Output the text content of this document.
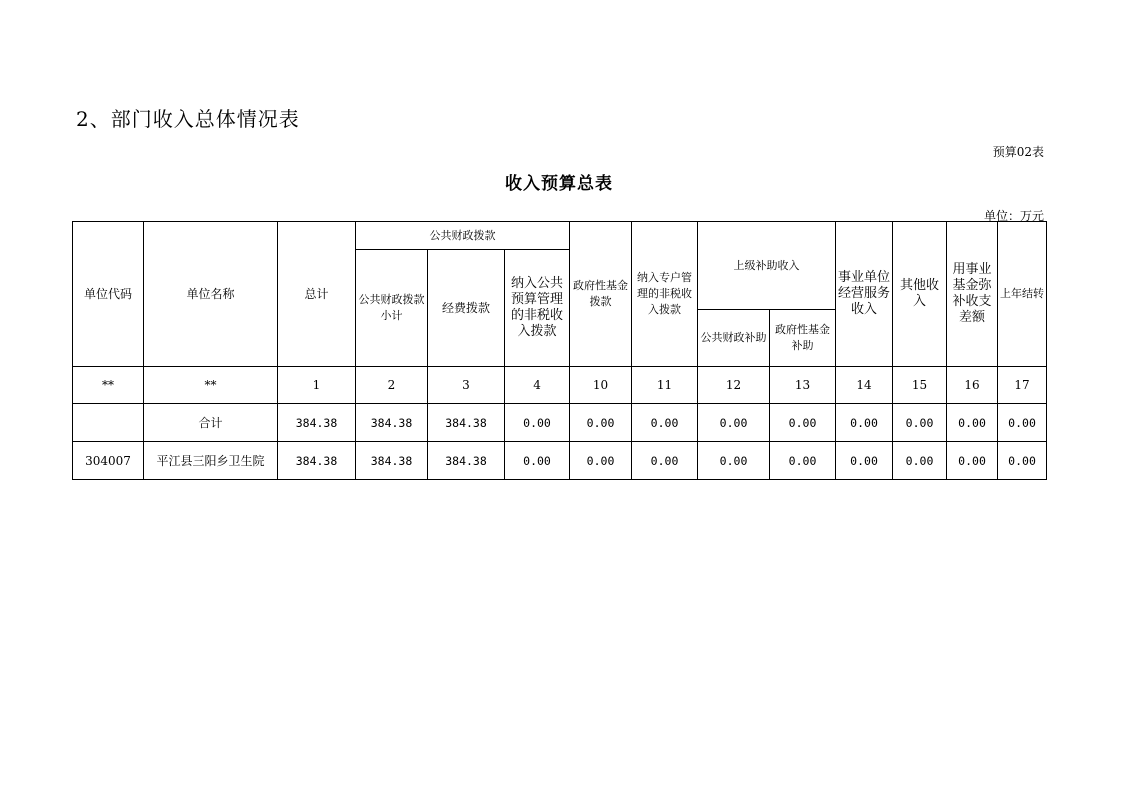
2、部门收入总体情况表
预算02表
收入预算总表
单位：万元
单位代码	单位名称	总计	公共财政拨款			政府性基金拨款	纳入专户管理的非税收入拨款	上级补助收入		事业单位经营服务收入	其他收入	用事业基金弥补收支差额	上年结转
			公共财政拨款小计	经费拨款	纳入公共预算管理的非税收入拨款								
								公共财政补助	政府性基金补助				
**	**	1	2	3	4	10	11	12	13	14	15	16	17
	合计	384.38	384.38	384.38	0.00	0.00	0.00	0.00	0.00	0.00	0.00	0.00	0.00
304007	平江县三阳乡卫生院	384.38	384.38	384.38	0.00	0.00	0.00	0.00	0.00	0.00	0.00	0.00	0.00
